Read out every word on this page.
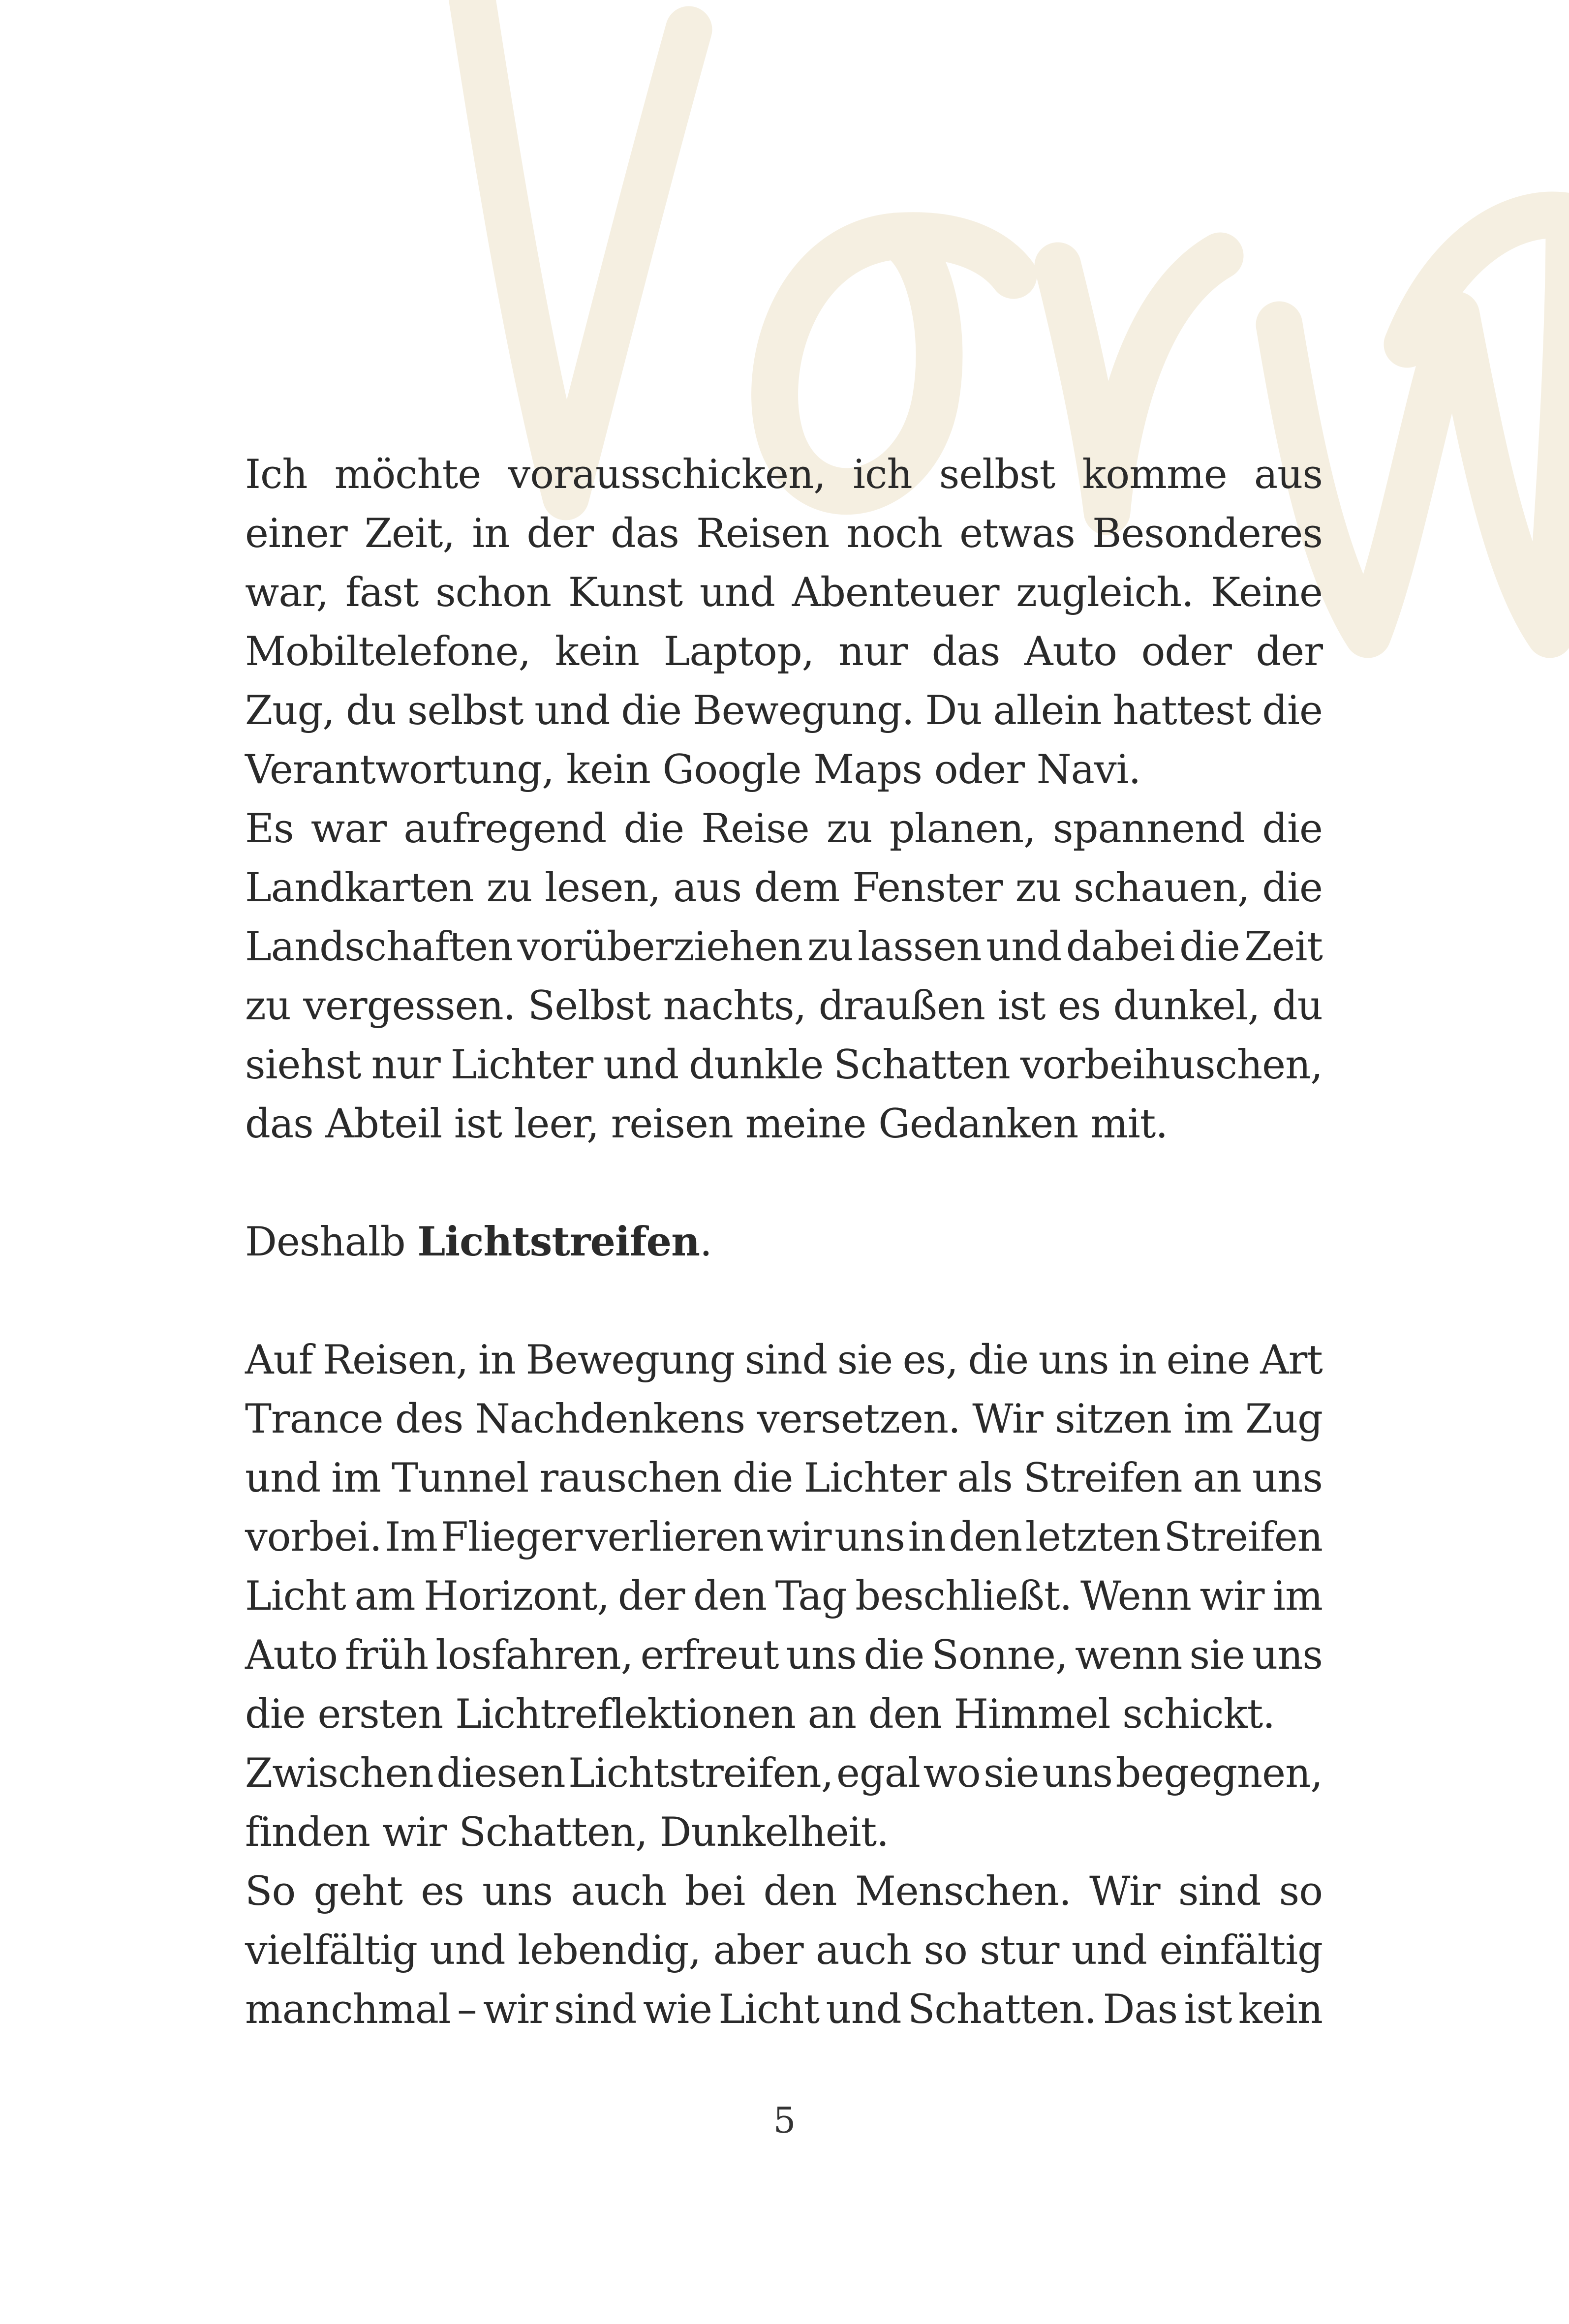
Ich möchte vorausschicken, ich selbst komme aus
einer Zeit, in der das Reisen noch etwas Besonderes
war, fast schon Kunst und Abenteuer zugleich. Keine
Mobiltelefone, kein Laptop, nur das Auto oder der
Zug, du selbst und die Bewegung. Du allein hattest die
Verantwortung, kein Google Maps oder Navi.
Es war aufregend die Reise zu planen, spannend die
Landkarten zu lesen, aus dem Fenster zu schauen, die
Landschaften vorüberziehen zu lassen und dabei die Zeit
zu vergessen. Selbst nachts, draußen ist es dunkel, du
siehst nur Lichter und dunkle Schatten vorbeihuschen,
das Abteil ist leer, reisen meine Gedanken mit.
Deshalb Lichtstreifen.
Auf Reisen, in Bewegung sind sie es, die uns in eine Art
Trance des Nachdenkens versetzen. Wir sitzen im Zug
und im Tunnel rauschen die Lichter als Streifen an uns
vorbei. Im Flieger verlieren wir uns in den letzten Streifen
Licht am Horizont, der den Tag beschließt. Wenn wir im
Auto früh losfahren, erfreut uns die Sonne, wenn sie uns
die ersten Lichtreflektionen an den Himmel schickt.
Zwischen diesen Lichtstreifen, egal wo sie uns begegnen,
finden wir Schatten, Dunkelheit.
So geht es uns auch bei den Menschen. Wir sind so
vielfältig und lebendig, aber auch so stur und einfältig
manchmal – wir sind wie Licht und Schatten. Das ist kein
5
